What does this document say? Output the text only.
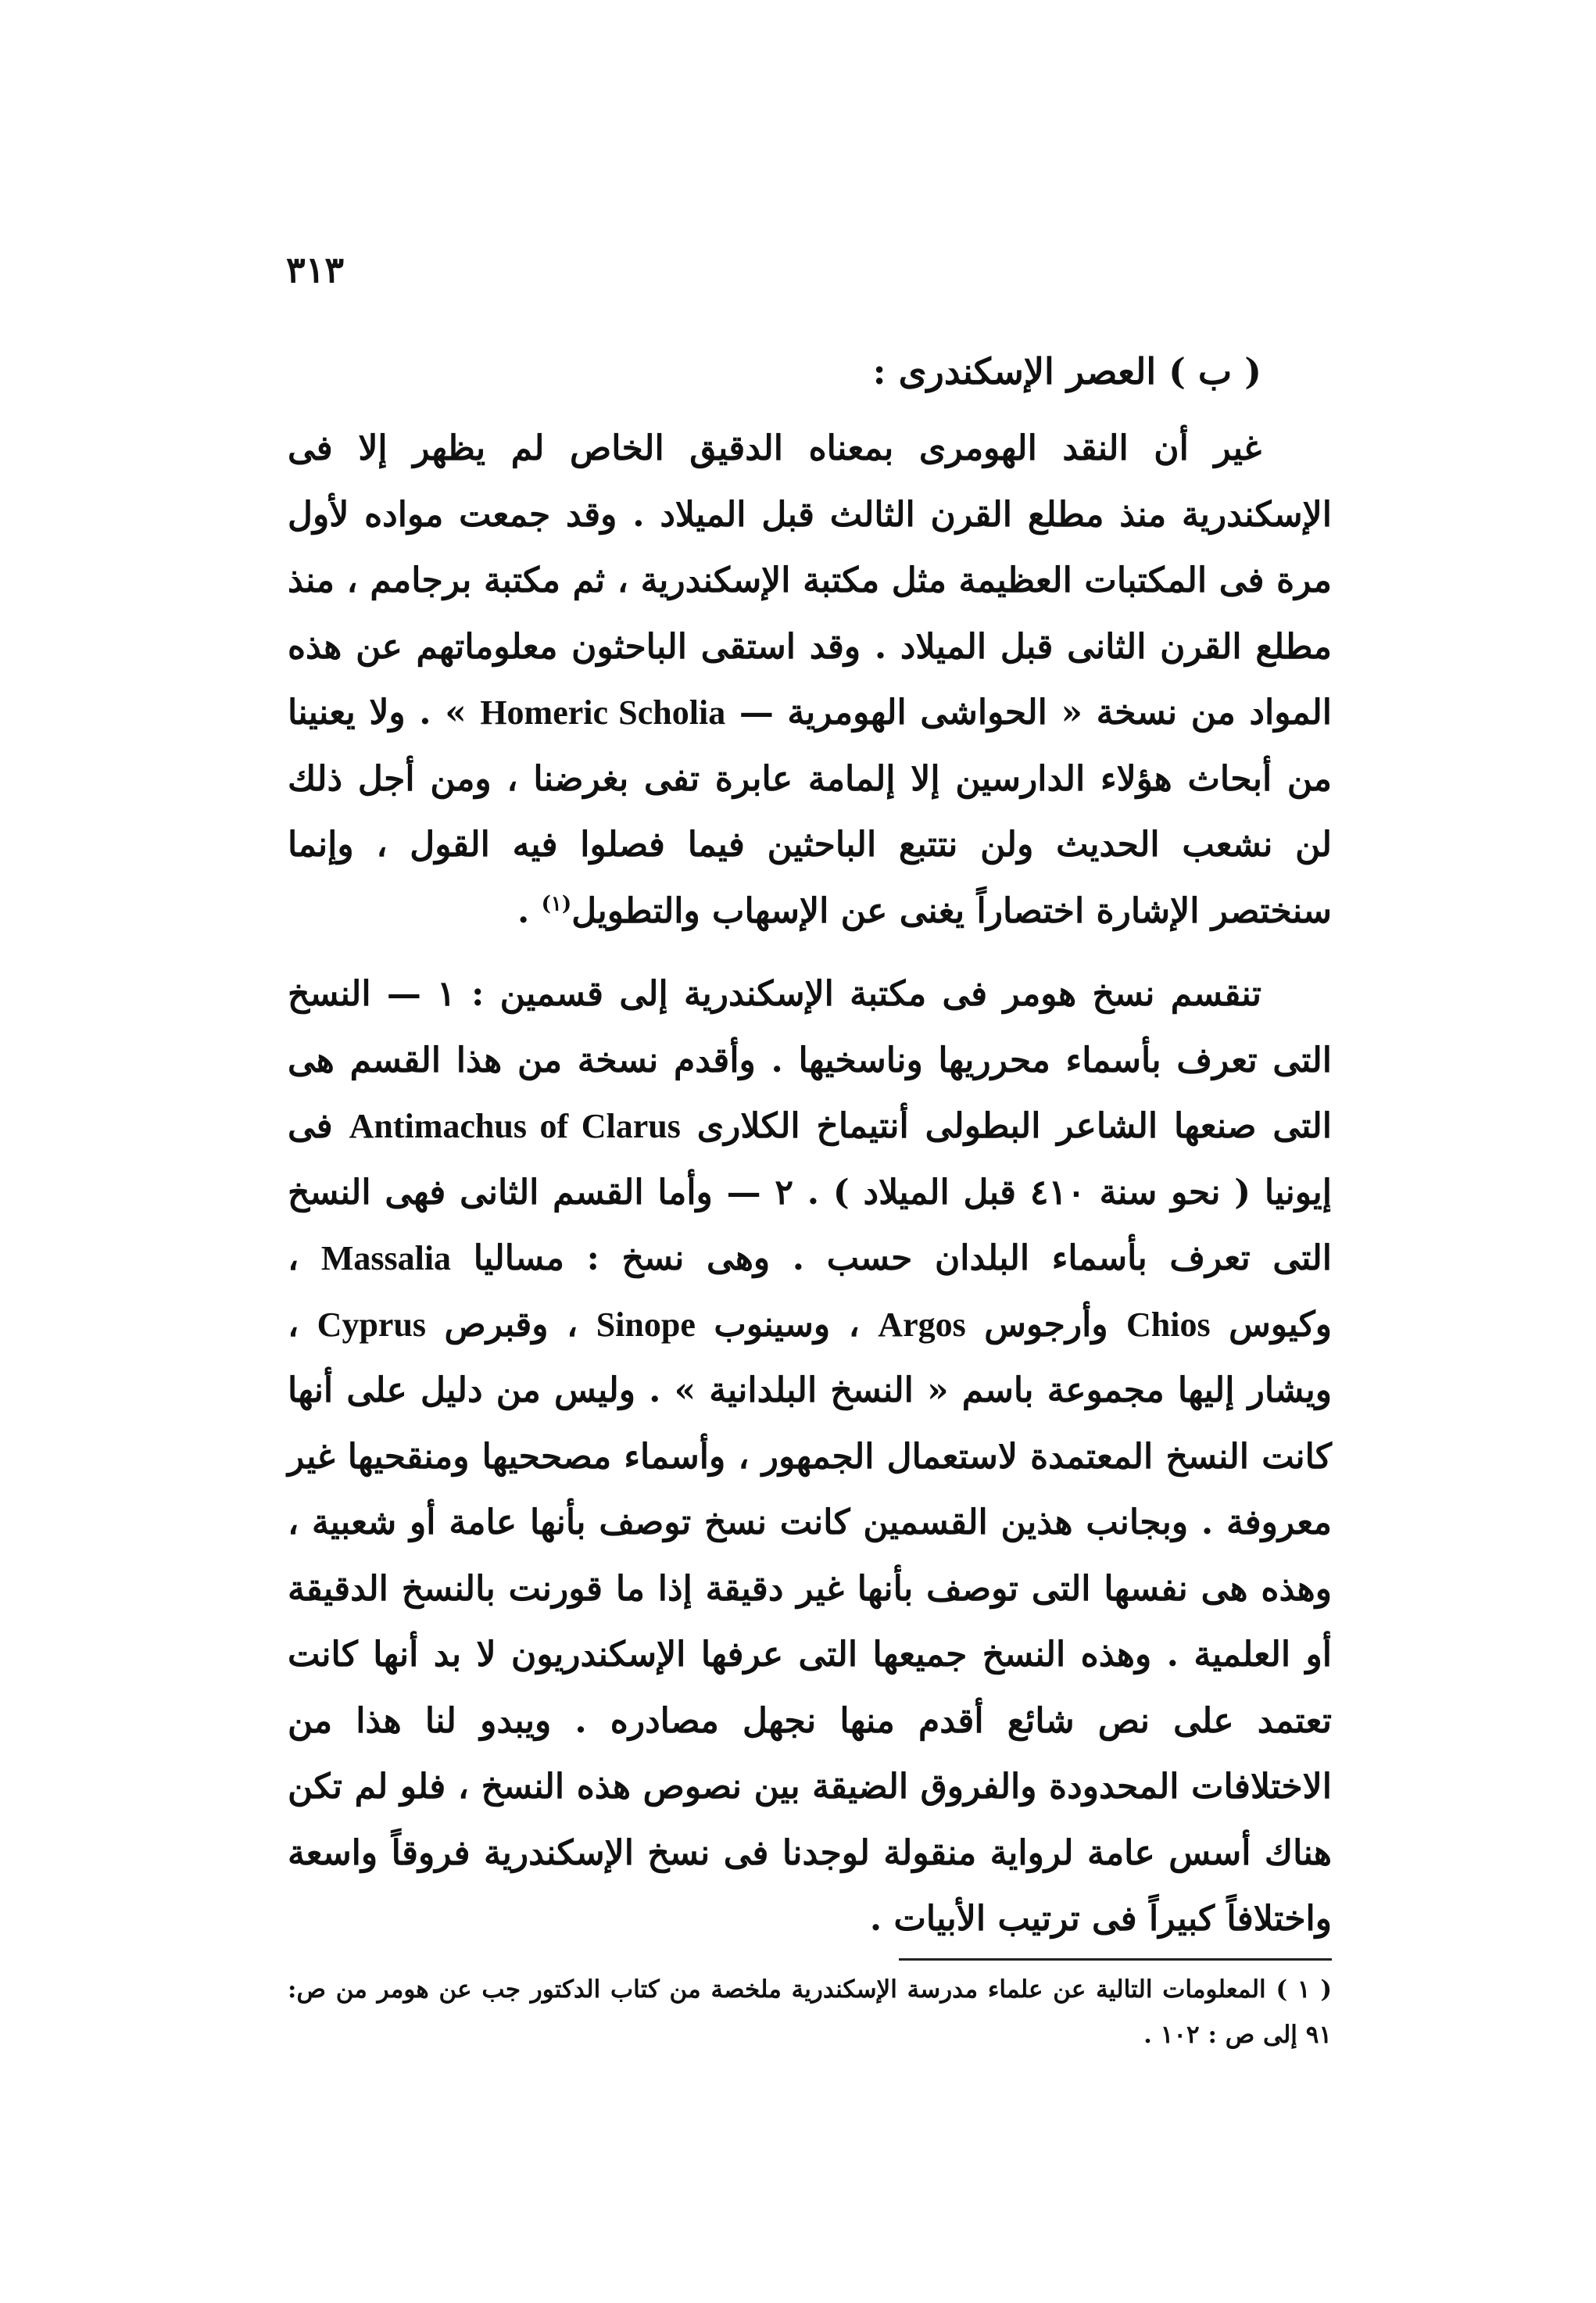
٣١٣
( ب ) العصر الإسكندرى :

غير أن النقد الهومرى بمعناه الدقيق الخاص لم يظهر إلا فى الإسكندرية منذ مطلع القرن الثالث قبل الميلاد . وقد جمعت مواده لأول مرة فى المكتبات العظيمة مثل مكتبة الإسكندرية ، ثم مكتبة برجامم ، منذ مطلع القرن الثانى قبل الميلاد . وقد استقى الباحثون معلوماتهم عن هذه المواد من نسخة « الحواشى الهومرية — Homeric Scholia » . ولا يعنينا من أبحاث هؤلاء الدارسين إلا إلمامة عابرة تفى بغرضنا ، ومن أجل ذلك لن نشعب الحديث ولن نتتبع الباحثين فيما فصلوا فيه القول ، وإنما سنختصر الإشارة اختصاراً يغنى عن الإسهاب والتطويل$^{(١)}$ .

تنقسم نسخ هومر فى مكتبة الإسكندرية إلى قسمين : ١ — النسخ التى تعرف بأسماء محرريها وناسخيها . وأقدم نسخة من هذا القسم هى التى صنعها الشاعر البطولى أنتيماخ الكلارى Antimachus of Clarus فى إيونيا ( نحو سنة ٤١٠ قبل الميلاد ) . ٢ — وأما القسم الثانى فهى النسخ التى تعرف بأسماء البلدان حسب . وهى نسخ : مساليا Massalia ، وكيوس Chios وأرجوس Argos ، وسينوب Sinope ، وقبرص Cyprus ، ويشار إليها مجموعة باسم « النسخ البلدانية » . وليس من دليل على أنها كانت النسخ المعتمدة لاستعمال الجمهور ، وأسماء مصححيها ومنقحيها غير معروفة . وبجانب هذين القسمين كانت نسخ توصف بأنها عامة أو شعبية ، وهذه هى نفسها التى توصف بأنها غير دقيقة إذا ما قورنت بالنسخ الدقيقة أو العلمية . وهذه النسخ جميعها التى عرفها الإسكندريون لا بد أنها كانت تعتمد على نص شائع أقدم منها نجهل مصادره . ويبدو لنا هذا من الاختلافات المحدودة والفروق الضيقة بين نصوص هذه النسخ ، فلو لم تكن هناك أسس عامة لرواية منقولة لوجدنا فى نسخ الإسكندرية فروقاً واسعة واختلافاً كبيراً فى ترتيب الأبيات .

( ١ ) المعلومات التالية عن علماء مدرسة الإسكندرية ملخصة من كتاب الدكتور جب عن هومر من ص: ٩١ إلى ص : ١٠٢ .
